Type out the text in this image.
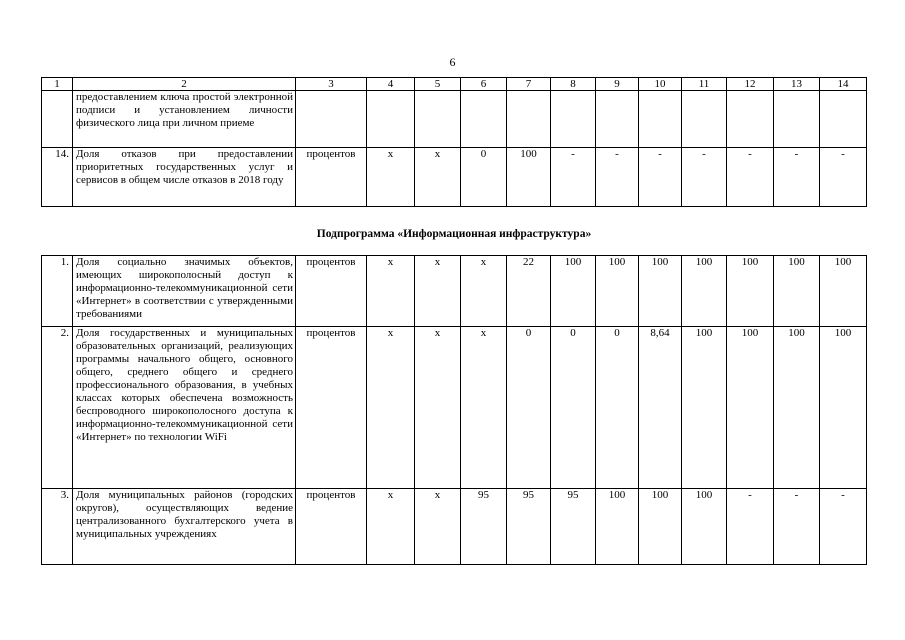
6
1	2	3	4	5	6	7	8	9	10	11	12	13	14
	предоставлением ключа простой электронной подписи и установлением личности физического лица при личном приеме												
14.	Доля отказов при предоставлении приоритетных государственных услуг и сервисов в общем числе отказов в 2018 году	процентов	х	х	0	100	-	-	-	-	-	-	-
Подпрограмма «Информационная инфраструктура»
1.	Доля социально значимых объектов, имеющих широкополосный доступ к информационно-телекоммуникационной сети «Интернет» в соответствии с утвержденными требованиями	процентов	х	х	х	22	100	100	100	100	100	100	100
2.	Доля государственных и муниципальных образовательных организаций, реализующих программы начального общего, основного общего, среднего общего и среднего профессионального образования, в учебных классах которых обеспечена возможность беспроводного широкополосного доступа к информационно-телекоммуникационной сети «Интернет» по технологии WiFi	процентов	х	х	х	0	0	0	8,64	100	100	100	100
3.	Доля муниципальных районов (городских округов), осуществляющих ведение централизованного бухгалтерского учета в муниципальных учреждениях	процентов	х	х	95	95	95	100	100	100	-	-	-
